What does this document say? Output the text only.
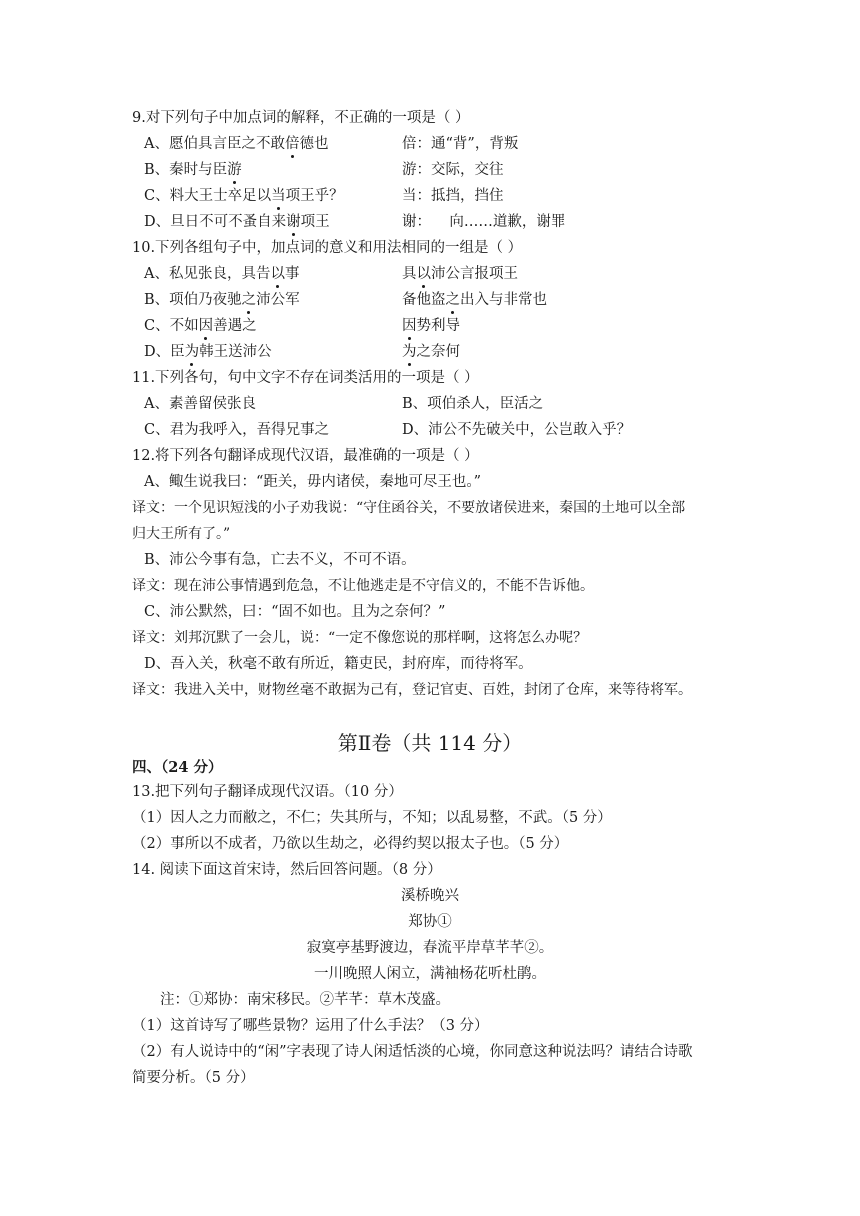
9.对下列句子中加点词的解释，不正确的一项是（ ）
A、愿伯具言臣之不敢倍德也	倍：通“背”，背叛
B、秦时与臣游	游：交际，交往
C、料大王士卒足以当项王乎？	当：抵挡，挡住
D、旦日不可不蚤自来谢项王	谢：    向……道歉，谢罪
10.下列各组句子中，加点词的意义和用法相同的一组是（ ）
A、私见张良，具告以事	具以沛公言报项王
B、项伯乃夜驰之沛公军	备他盗之出入与非常也
C、不如因善遇之	因势利导
D、臣为韩王送沛公	为之奈何
11.下列各句，句中文字不存在词类活用的一项是（ ）
A、素善留侯张良	B、项伯杀人，臣活之
C、君为我呼入，吾得兄事之	D、沛公不先破关中，公岂敢入乎？
12.将下列各句翻译成现代汉语，最准确的一项是（ ）
A、鲰生说我曰：“距关，毋内诸侯，秦地可尽王也。”
译文：一个见识短浅的小子劝我说：“守住函谷关，不要放诸侯进来，秦国的土地可以全部
归大王所有了。”
B、沛公今事有急，亡去不义，不可不语。
译文：现在沛公事情遇到危急，不让他逃走是不守信义的，不能不告诉他。
C、沛公默然，曰：“固不如也。且为之奈何？”
译文：刘邦沉默了一会儿，说：“一定不像您说的那样啊，这将怎么办呢？
D、吾入关，秋毫不敢有所近，籍吏民，封府库，而待将军。
译文：我进入关中，财物丝毫不敢据为己有，登记官吏、百姓，封闭了仓库，来等待将军。
第Ⅱ卷（共 114 分）
四、（24 分）
13.把下列句子翻译成现代汉语。（10 分）
（1）因人之力而敝之，不仁；失其所与，不知；以乱易整，不武。（5 分）
（2）事所以不成者，乃欲以生劫之，必得约契以报太子也。（5 分）
14. 阅读下面这首宋诗，然后回答问题。（8 分）
溪桥晚兴
郑协①
寂寞亭基野渡边，春流平岸草芊芊②。
一川晚照人闲立，满袖杨花听杜鹃。
注：①郑协：南宋移民。②芊芊：草木茂盛。
（1）这首诗写了哪些景物？运用了什么手法？（3 分）
（2）有人说诗中的“闲”字表现了诗人闲适恬淡的心境，你同意这种说法吗？请结合诗歌
简要分析。（5 分）
